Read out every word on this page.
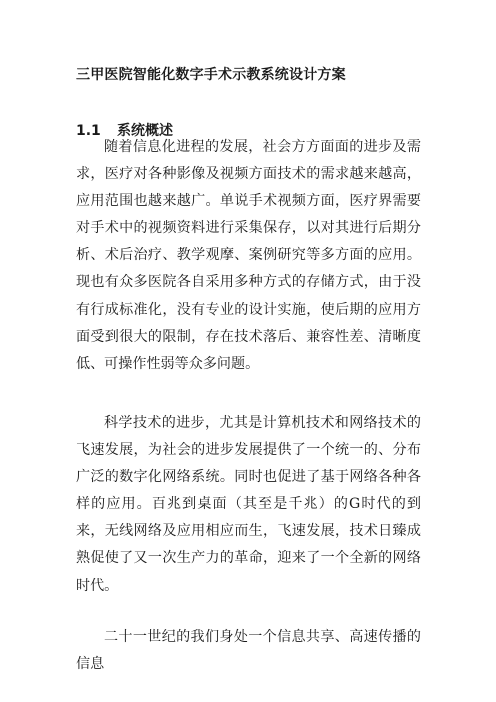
三甲医院智能化数字手术示教系统设计方案
1.1 系统概述

随着信息化进程的发展，社会方方面面的进步及需求，医疗对各种影像及视频方面技术的需求越来越高，应用范围也越来越广。单说手术视频方面，医疗界需要对手术中的视频资料进行采集保存，以对其进行后期分析、术后治疗、教学观摩、案例研究等多方面的应用。现也有众多医院各自采用多种方式的存储方式，由于没有行成标准化，没有专业的设计实施，使后期的应用方面受到很大的限制，存在技术落后、兼容性差、清晰度低、可操作性弱等众多问题。

科学技术的进步，尤其是计算机技术和网络技术的飞速发展，为社会的进步发展提供了一个统一的、分布广泛的数字化网络系统。同时也促进了基于网络各种各样的应用。百兆到桌面（其至是千兆）的G时代的到来，无线网络及应用相应而生，飞速发展，技术日臻成熟促使了又一次生产力的革命，迎来了一个全新的网络时代。

二十一世纪的我们身处一个信息共享、高速传播的信息
